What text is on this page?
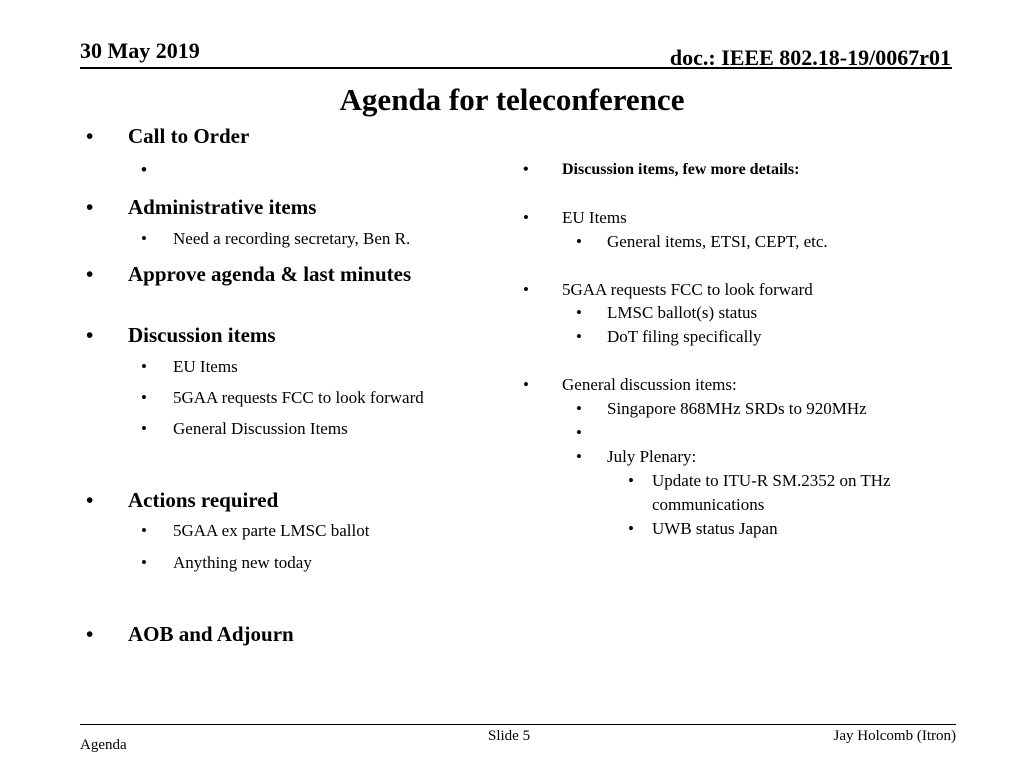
30 May 2019	doc.: IEEE 802.18-19/0067r01
Agenda for teleconference
• Call to Order
•
• Administrative items
• Need a recording secretary, Ben R.
• Approve agenda & last minutes
• Discussion items
• EU Items
• 5GAA requests FCC to look forward
• General Discussion Items
• Actions required
• 5GAA ex parte LMSC ballot
• Anything new today
• AOB and Adjourn
• Discussion items, few more details:
• EU Items
• General items, ETSI, CEPT, etc.
• 5GAA requests FCC to look forward
• LMSC ballot(s) status
• DoT filing specifically
• General discussion items:
• Singapore 868MHz SRDs to 920MHz
•
• July Plenary:
• Update to ITU-R SM.2352 on THz
communications
• UWB status Japan
Agenda
Slide 5	Jay Holcomb (Itron)
